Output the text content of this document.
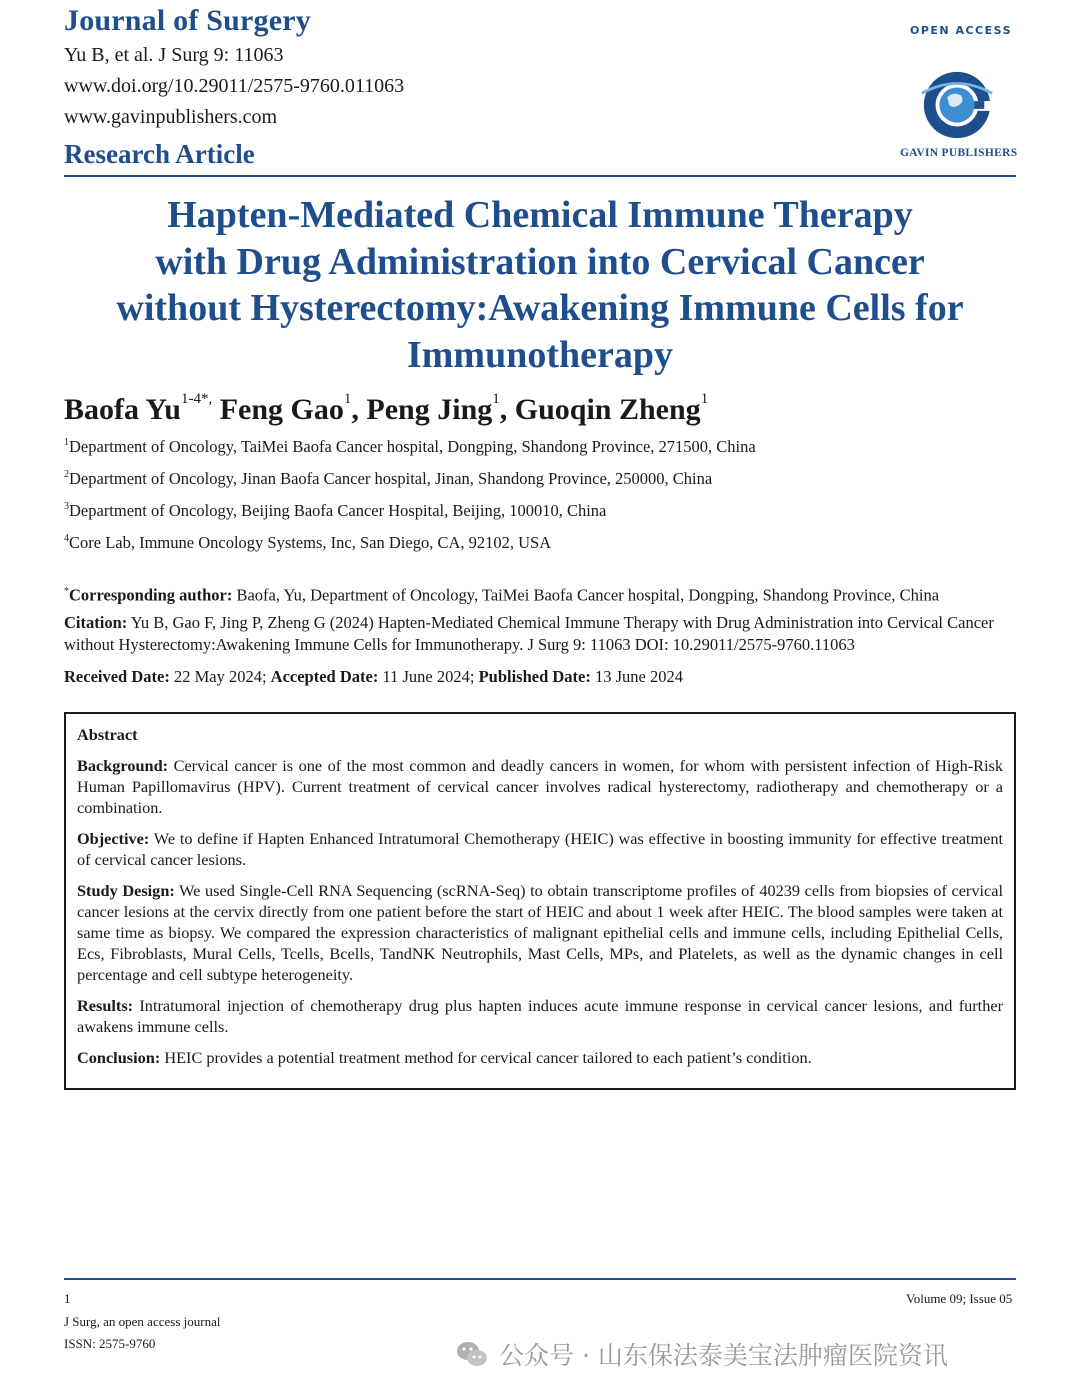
Journal of Surgery
Yu B, et al. J Surg 9: 11063
www.doi.org/10.29011/2575-9760.011063
www.gavinpublishers.com
Research Article
OPEN ACCESS
GAVIN PUBLISHERS
Hapten-Mediated Chemical Immune Therapy
with Drug Administration into Cervical Cancer
without Hysterectomy:Awakening Immune Cells for
Immunotherapy
Baofa $Yu^{1-4*,}$ Feng Gao$^1$, Peng Jing$^1$, Guoqin Zheng$^1$
$^1$Department of Oncology, TaiMei Baofa Cancer hospital, Dongping, Shandong Province, 271500, China
$^2$Department of Oncology, Jinan Baofa Cancer hospital, Jinan, Shandong Province, 250000, China
$^3$Department of Oncology, Beijing Baofa Cancer Hospital, Beijing, 100010, China
$^4$Core Lab, Immune Oncology Systems, Inc, San Diego, CA, 92102, USA
*Corresponding author: Baofa, Yu, Department of Oncology, TaiMei Baofa Cancer hospital, Dongping, Shandong Province, China
Citation: Yu B, Gao F, Jing P, Zheng G (2024) Hapten-Mediated Chemical Immune Therapy with Drug Administration into Cervical Cancer without Hysterectomy:Awakening Immune Cells for Immunotherapy. J Surg 9: 11063 DOI: 10.29011/2575-9760.11063
Received Date: 22 May 2024; Accepted Date: 11 June 2024; Published Date: 13 June 2024

Abstract

Background: Cervical cancer is one of the most common and deadly cancers in women, for whom with persistent infection of High-Risk Human Papillomavirus (HPV). Current treatment of cervical cancer involves radical hysterectomy, radiotherapy and chemotherapy or a combination.

Objective: We to define if Hapten Enhanced Intratumoral Chemotherapy (HEIC) was effective in boosting immunity for effective treatment of cervical cancer lesions.

Study Design: We used Single-Cell RNA Sequencing (scRNA-Seq) to obtain transcriptome profiles of 40239 cells from biopsies of cervical cancer lesions at the cervix directly from one patient before the start of HEIC and about 1 week after HEIC. The blood samples were taken at same time as biopsy. We compared the expression characteristics of malignant epithelial cells and immune cells, including Epithelial Cells, Ecs, Fibroblasts, Mural Cells, Tcells, Bcells, TandNK Neutrophils, Mast Cells, MPs, and Platelets, as well as the dynamic changes in cell percentage and cell subtype heterogeneity.

Results: Intratumoral injection of chemotherapy drug plus hapten induces acute immune response in cervical cancer lesions, and further awakens immune cells.

Conclusion: HEIC provides a potential treatment method for cervical cancer tailored to each patient’s condition.

1
J Surg, an open access journal
ISSN: 2575-9760
Volume 09; Issue 05
公众号 · 山东保法泰美宝法肿瘤医院资讯
